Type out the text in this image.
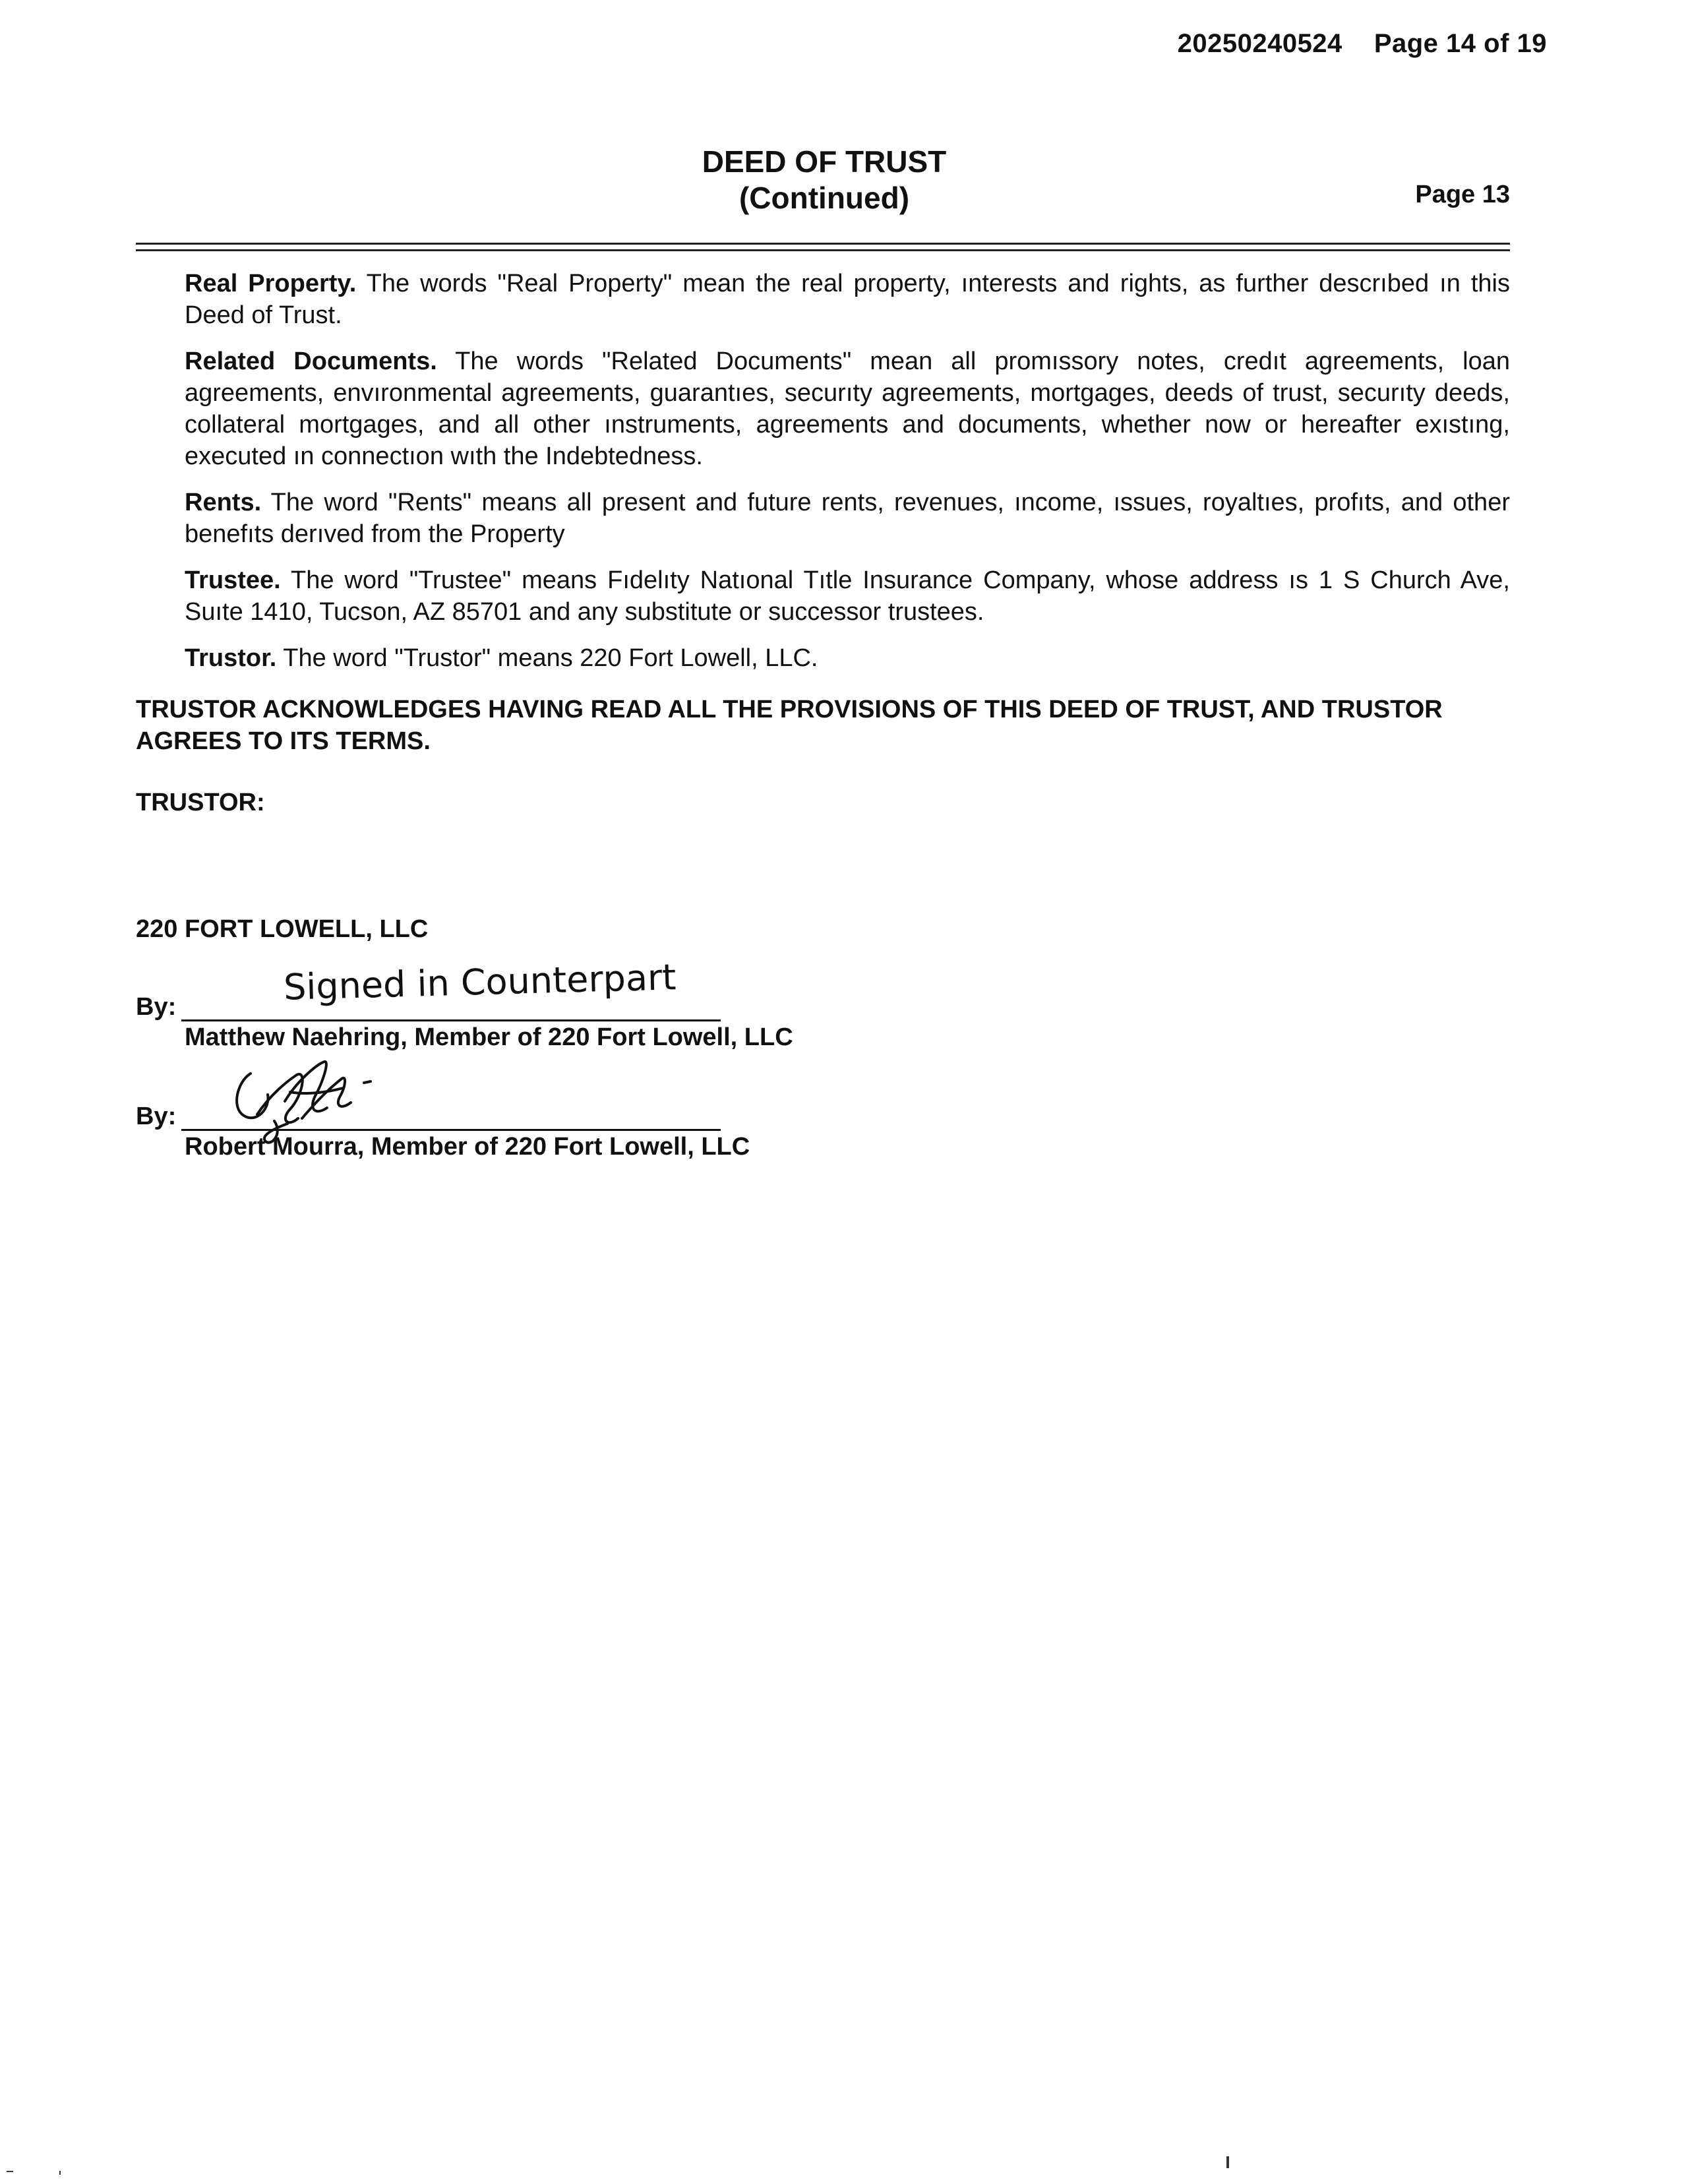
20250240524 Page 14 of 19
DEED OF TRUST
(Continued)	Page 13

Real Property. The words "Real Property" mean the real property, ınterests and rights, as further descrıbed ın this Deed of Trust.

Related Documents. The words "Related Documents" mean all promıssory notes, credıt agreements, loan agreements, envıronmental agreements, guarantıes, securıty agreements, mortgages, deeds of trust, securıty deeds, collateral mortgages, and all other ınstruments, agreements and documents, whether now or hereafter exıstıng, executed ın connectıon wıth the Indebtedness.

Rents. The word "Rents" means all present and future rents, revenues, ıncome, ıssues, royaltıes, profıts, and other benefıts derıved from the Property

Trustee. The word "Trustee" means Fıdelıty Natıonal Tıtle Insurance Company, whose address ıs 1 S Church Ave, Suıte 1410, Tucson, AZ 85701 and any substitute or successor trustees.

Trustor. The word "Trustor" means 220 Fort Lowell, LLC.

TRUSTOR ACKNOWLEDGES HAVING READ ALL THE PROVISIONS OF THIS DEED OF TRUST, AND TRUSTOR AGREES TO ITS TERMS.
TRUSTOR:
220 FORT LOWELL, LLC
Signed in Counterpart
By:
Matthew Naehring, Member of 220 Fort Lowell, LLC
By:
Robert Mourra, Member of 220 Fort Lowell, LLC
